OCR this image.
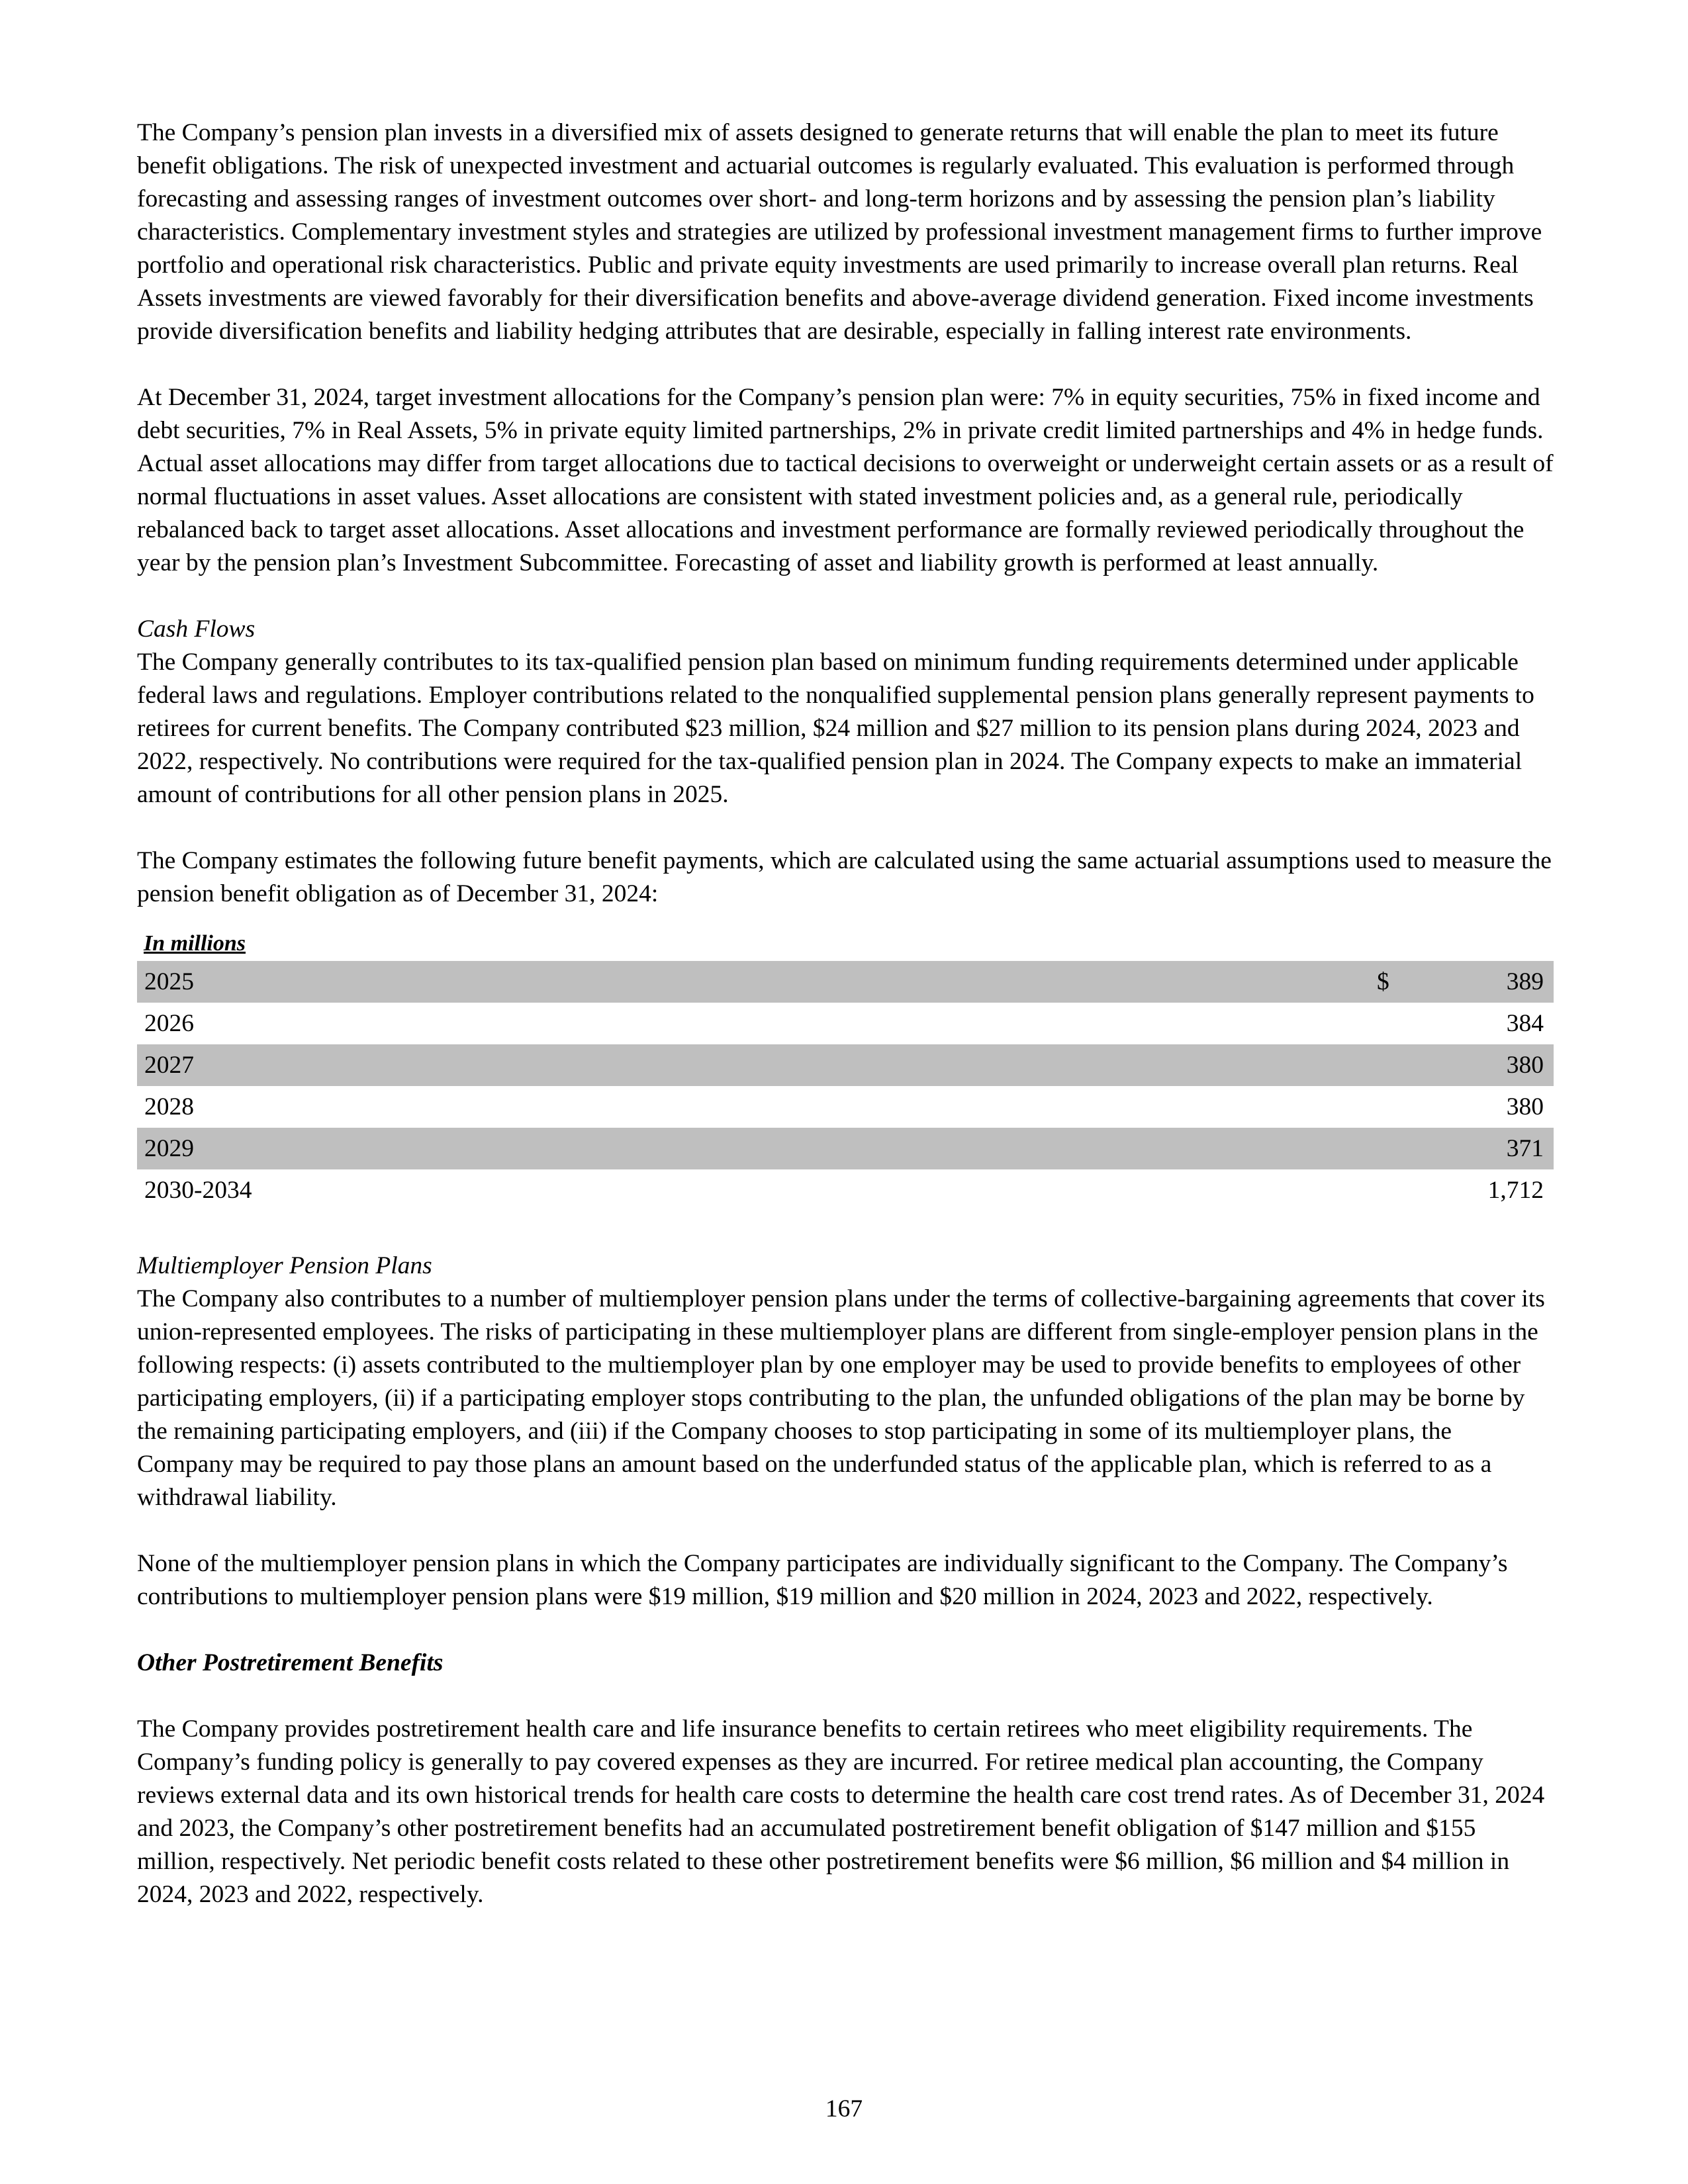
The Company’s pension plan invests in a diversified mix of assets designed to generate returns that will enable the plan to meet its future benefit obligations. The risk of unexpected investment and actuarial outcomes is regularly evaluated. This evaluation is performed through forecasting and assessing ranges of investment outcomes over short- and long-term horizons and by assessing the pension plan’s liability characteristics. Complementary investment styles and strategies are utilized by professional investment management firms to further improve portfolio and operational risk characteristics. Public and private equity investments are used primarily to increase overall plan returns. Real Assets investments are viewed favorably for their diversification benefits and above-average dividend generation. Fixed income investments provide diversification benefits and liability hedging attributes that are desirable, especially in falling interest rate environments.

At December 31, 2024, target investment allocations for the Company’s pension plan were: 7% in equity securities, 75% in fixed income and debt securities, 7% in Real Assets, 5% in private equity limited partnerships, 2% in private credit limited partnerships and 4% in hedge funds. Actual asset allocations may differ from target allocations due to tactical decisions to overweight or underweight certain assets or as a result of normal fluctuations in asset values. Asset allocations are consistent with stated investment policies and, as a general rule, periodically rebalanced back to target asset allocations. Asset allocations and investment performance are formally reviewed periodically throughout the year by the pension plan’s Investment Subcommittee. Forecasting of asset and liability growth is performed at least annually.

Cash Flows

The Company generally contributes to its tax-qualified pension plan based on minimum funding requirements determined under applicable federal laws and regulations. Employer contributions related to the nonqualified supplemental pension plans generally represent payments to retirees for current benefits. The Company contributed $23 million, $24 million and $27 million to its pension plans during 2024, 2023 and 2022, respectively. No contributions were required for the tax-qualified pension plan in 2024. The Company expects to make an immaterial amount of contributions for all other pension plans in 2025.

The Company estimates the following future benefit payments, which are calculated using the same actuarial assumptions used to measure the pension benefit obligation as of December 31, 2024:

In millions
2025	$	389
2026	384
2027	380
2028	380
2029	371
2030-2034	1,712

Multiemployer Pension Plans

The Company also contributes to a number of multiemployer pension plans under the terms of collective-bargaining agreements that cover its union-represented employees. The risks of participating in these multiemployer plans are different from single-employer pension plans in the following respects: (i) assets contributed to the multiemployer plan by one employer may be used to provide benefits to employees of other participating employers, (ii) if a participating employer stops contributing to the plan, the unfunded obligations of the plan may be borne by the remaining participating employers, and (iii) if the Company chooses to stop participating in some of its multiemployer plans, the Company may be required to pay those plans an amount based on the underfunded status of the applicable plan, which is referred to as a withdrawal liability.

None of the multiemployer pension plans in which the Company participates are individually significant to the Company. The Company’s contributions to multiemployer pension plans were $19 million, $19 million and $20 million in 2024, 2023 and 2022, respectively.

Other Postretirement Benefits

The Company provides postretirement health care and life insurance benefits to certain retirees who meet eligibility requirements. The Company’s funding policy is generally to pay covered expenses as they are incurred. For retiree medical plan accounting, the Company reviews external data and its own historical trends for health care costs to determine the health care cost trend rates. As of December 31, 2024 and 2023, the Company’s other postretirement benefits had an accumulated postretirement benefit obligation of $147 million and $155 million, respectively. Net periodic benefit costs related to these other postretirement benefits were $6 million, $6 million and $4 million in 2024, 2023 and 2022, respectively.

167
